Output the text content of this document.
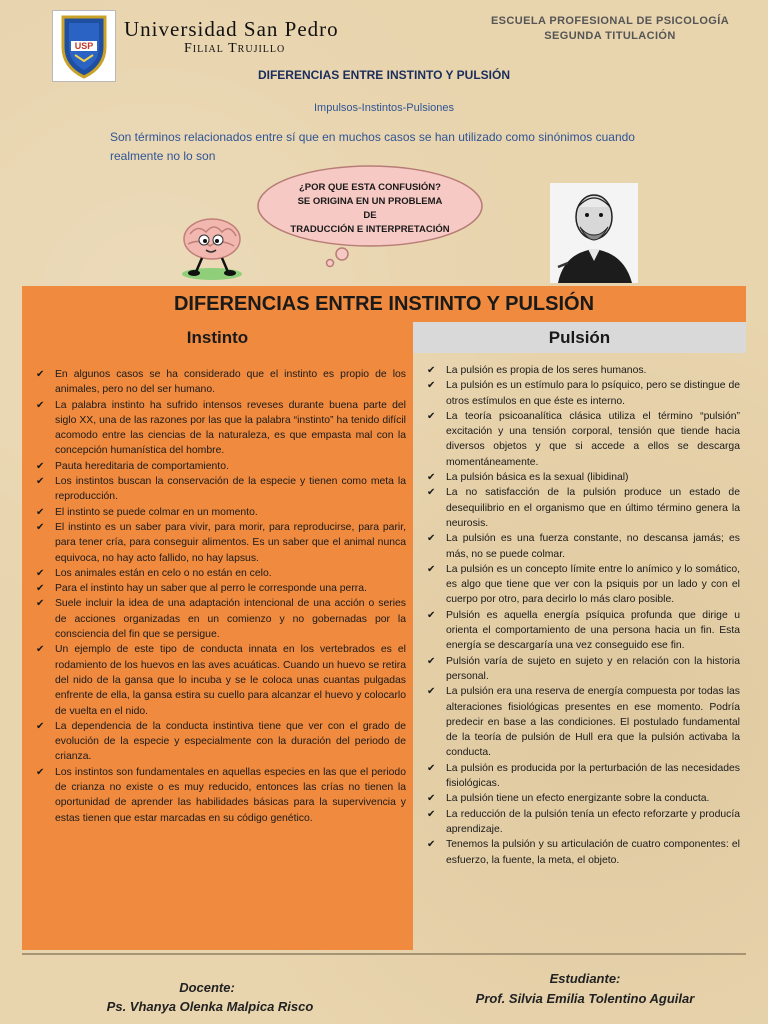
USP
Universidad San Pedro
Filial Trujillo
ESCUELA PROFESIONAL DE PSICOLOGÍA
SEGUNDA TITULACIÓN
DIFERENCIAS ENTRE INSTINTO Y PULSIÓN
Impulsos-Instintos-Pulsiones
Son términos relacionados entre sí que en muchos casos se han utilizado como sinónimos cuando realmente no lo son
¿POR QUE ESTA CONFUSIÓN?
SE ORIGINA EN UN PROBLEMA DE
TRADUCCIÓN E INTERPRETACIÓN
DIFERENCIAS ENTRE INSTINTO Y PULSIÓN
Instinto	Pulsión
✔ En algunos casos se ha considerado que el instinto es propio de los animales, pero no del ser humano.
✔ La palabra instinto ha sufrido intensos reveses durante buena parte del siglo XX, una de las razones por las que la palabra “instinto” ha tenido difícil acomodo entre las ciencias de la naturaleza, es que empasta mal con la concepción humanística del hombre.
✔ Pauta hereditaria de comportamiento.
✔ Los instintos buscan la conservación de la especie y tienen como meta la reproducción.
✔ El instinto se puede colmar en un momento.
✔ El instinto es un saber para vivir, para morir, para reproducirse, para parir, para tener cría, para conseguir alimentos. Es un saber que el animal nunca equivoca, no hay acto fallido, no hay lapsus.
✔ Los animales están en celo o no están en celo.
✔ Para el instinto hay un saber que al perro le corresponde una perra.
✔ Suele incluir la idea de una adaptación intencional de una acción o series de acciones organizadas en un comienzo y no gobernadas por la consciencia del fin que se persigue.
✔ Un ejemplo de este tipo de conducta innata en los vertebrados es el rodamiento de los huevos en las aves acuáticas. Cuando un huevo se retira del nido de la gansa que lo incuba y se le coloca unas cuantas pulgadas enfrente de ella, la gansa estira su cuello para alcanzar el huevo y colocarlo de vuelta en el nido.
✔ La dependencia de la conducta instintiva tiene que ver con el grado de evolución de la especie y especialmente con la duración del periodo de crianza.
✔ Los instintos son fundamentales en aquellas especies en las que el periodo de crianza no existe o es muy reducido, entonces las crías no tienen la oportunidad de aprender las habilidades básicas para la supervivencia y estas tienen que estar marcadas en su código genético.
✔ La pulsión es propia de los seres humanos.
✔ La pulsión es un estímulo para lo psíquico, pero se distingue de otros estímulos en que éste es interno.
✔ La teoría psicoanalítica clásica utiliza el término “pulsión” excitación y una tensión corporal, tensión que tiende hacia diversos objetos y que si accede a ellos se descarga momentáneamente.
✔ La pulsión básica es la sexual (libidinal)
✔ La no satisfacción de la pulsión produce un estado de desequilibrio en el organismo que en último término genera la neurosis.
✔ La pulsión es una fuerza constante, no descansa jamás; es más, no se puede colmar.
✔ La pulsión es un concepto límite entre lo anímico y lo somático, es algo que tiene que ver con la psiquis por un lado y con el cuerpo por otro, para decirlo lo más claro posible.
✔ Pulsión es aquella energía psíquica profunda que dirige u orienta el comportamiento de una persona hacia un fin. Esta energía se descargaría una vez conseguido ese fin.
✔ Pulsión varía de sujeto en sujeto y en relación con la historia personal.
✔ La pulsión era una reserva de energía compuesta por todas las alteraciones fisiológicas presentes en ese momento. Podría predecir en base a las condiciones. El postulado fundamental de la teoría de pulsión de Hull era que la pulsión activaba la conducta.
✔ La pulsión es producida por la perturbación de las necesidades fisiológicas.
✔ La pulsión tiene un efecto energizante sobre la conducta.
✔ La reducción de la pulsión tenía un efecto reforzarte y producía aprendizaje.
✔ Tenemos la pulsión y su articulación de cuatro componentes: el esfuerzo, la fuente, la meta, el objeto.
Docente:
Ps. Vhanya Olenka Malpica Risco
Estudiante:
Prof. Silvia Emilia Tolentino Aguilar
